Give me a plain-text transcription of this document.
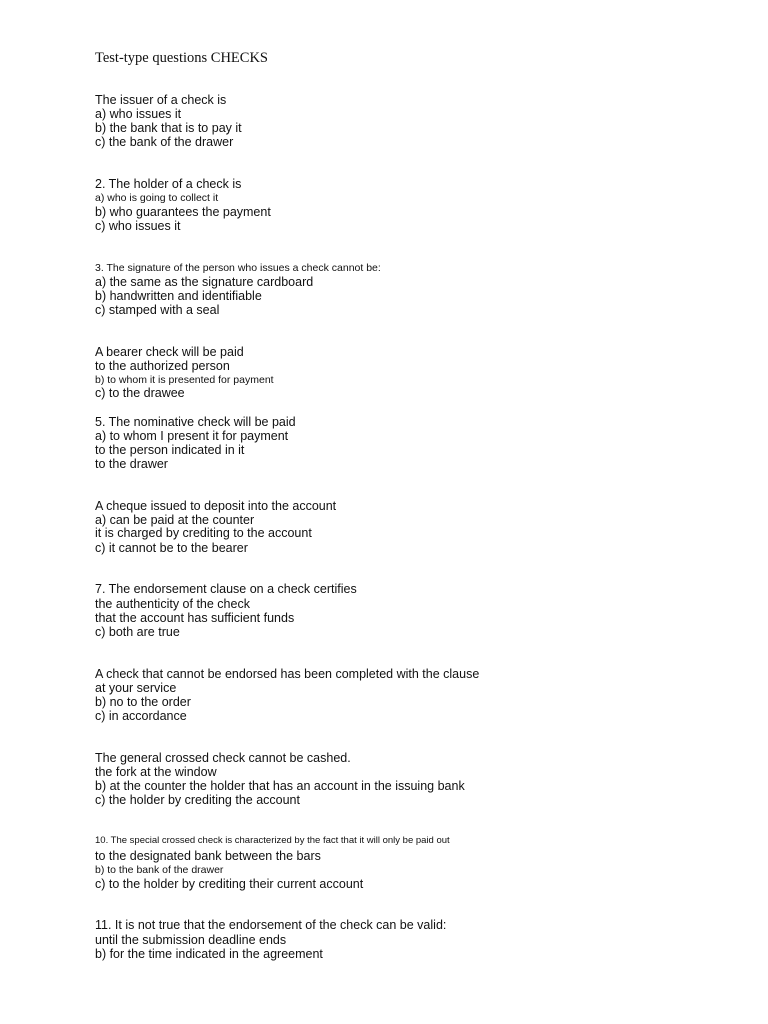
Test-type questions CHECKS
The issuer of a check is
a) who issues it
b) the bank that is to pay it
c) the bank of the drawer
2. The holder of a check is
a) who is going to collect it
b) who guarantees the payment
c) who issues it
3. The signature of the person who issues a check cannot be:
a) the same as the signature cardboard
b) handwritten and identifiable
c) stamped with a seal
A bearer check will be paid
to the authorized person
b) to whom it is presented for payment
c) to the drawee
5. The nominative check will be paid
a) to whom I present it for payment
to the person indicated in it
to the drawer
A cheque issued to deposit into the account
a) can be paid at the counter
it is charged by crediting to the account
c) it cannot be to the bearer
7. The endorsement clause on a check certifies
the authenticity of the check
that the account has sufficient funds
c) both are true
A check that cannot be endorsed has been completed with the clause
at your service
b) no to the order
c) in accordance
The general crossed check cannot be cashed.
the fork at the window
b) at the counter the holder that has an account in the issuing bank
c) the holder by crediting the account
10. The special crossed check is characterized by the fact that it will only be paid out
to the designated bank between the bars
b) to the bank of the drawer
c) to the holder by crediting their current account
11. It is not true that the endorsement of the check can be valid:
until the submission deadline ends
b) for the time indicated in the agreement
